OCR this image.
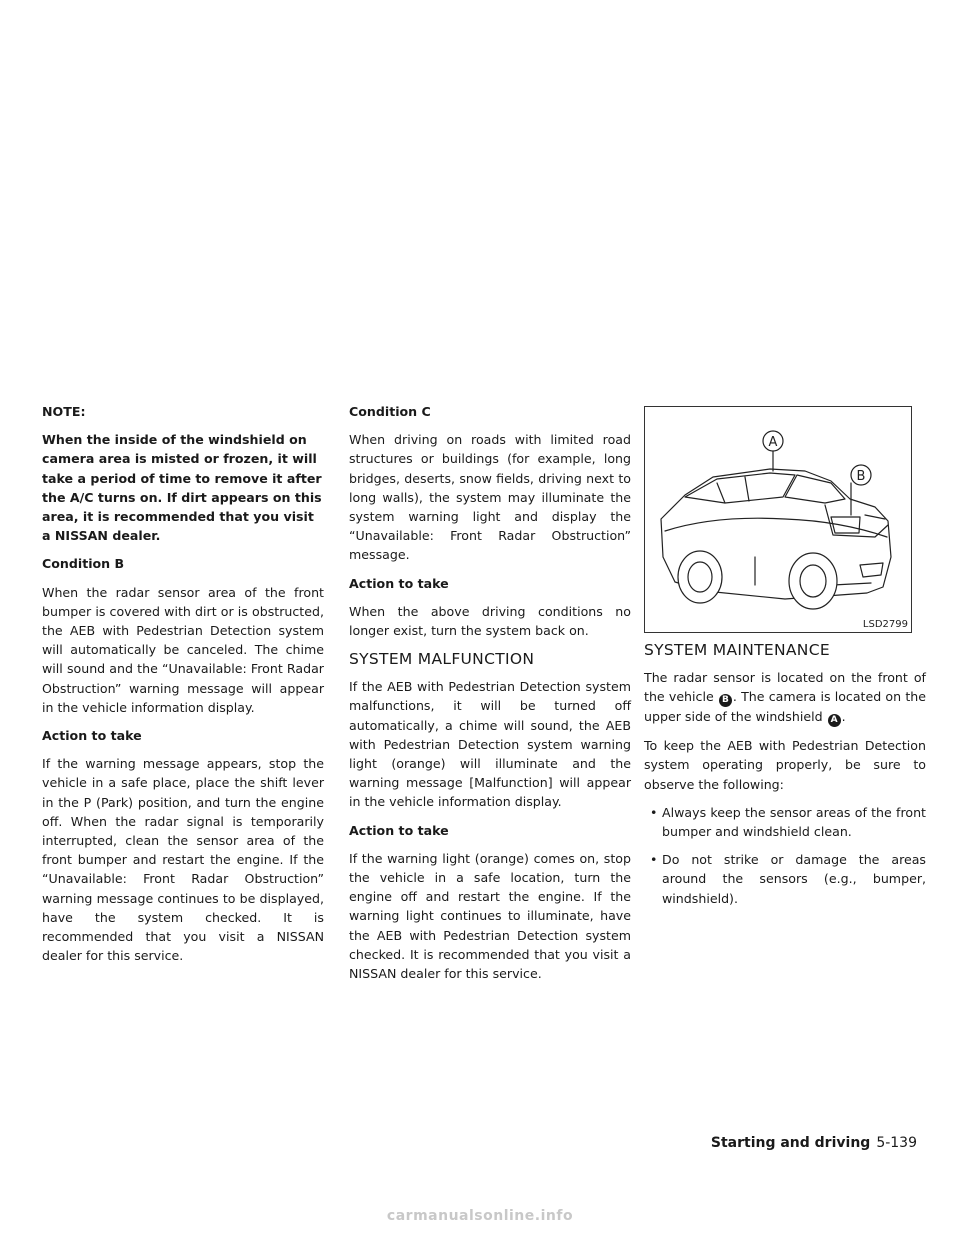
NOTE:

When the inside of the windshield on camera area is misted or frozen, it will take a period of time to remove it after the A/C turns on. If dirt appears on this area, it is recommended that you visit a NISSAN dealer.

Condition B

When the radar sensor area of the front bumper is covered with dirt or is obstructed, the AEB with Pedestrian Detection system will automatically be canceled. The chime will sound and the “Unavailable: Front Radar Obstruction” warning message will appear in the vehicle information display.

Action to take

If the warning message appears, stop the vehicle in a safe place, place the shift lever in the P (Park) position, and turn the engine off. When the radar signal is temporarily interrupted, clean the sensor area of the front bumper and restart the engine. If the “Unavailable: Front Radar Obstruction” warning message continues to be displayed, have the system checked. It is recommended that you visit a NISSAN dealer for this service.

Condition C

When driving on roads with limited road structures or buildings (for example, long bridges, deserts, snow fields, driving next to long walls), the system may illuminate the system warning light and display the “Unavailable: Front Radar Obstruction” message.

Action to take

When the above driving conditions no longer exist, turn the system back on.

SYSTEM MALFUNCTION

If the AEB with Pedestrian Detection system malfunctions, it will be turned off automatically, a chime will sound, the AEB with Pedestrian Detection system warning light (orange) will illuminate and the warning message [Malfunction] will appear in the vehicle information display.

Action to take

If the warning light (orange) comes on, stop the vehicle in a safe location, turn the engine off and restart the engine. If the warning light continues to illuminate, have the AEB with Pedestrian Detection system checked. It is recommended that you visit a NISSAN dealer for this service.

A
B
LSD2799
SYSTEM MAINTENANCE

The radar sensor is located on the front of the vehicle B . The camera is located on the upper side of the windshield A .

To keep the AEB with Pedestrian Detection system operating properly, be sure to observe the following:

• Always keep the sensor areas of the front bumper and windshield clean.
• Do not strike or damage the areas around the sensors (e.g., bumper, windshield).
Starting and driving 5-139
carmanualsonline.info
